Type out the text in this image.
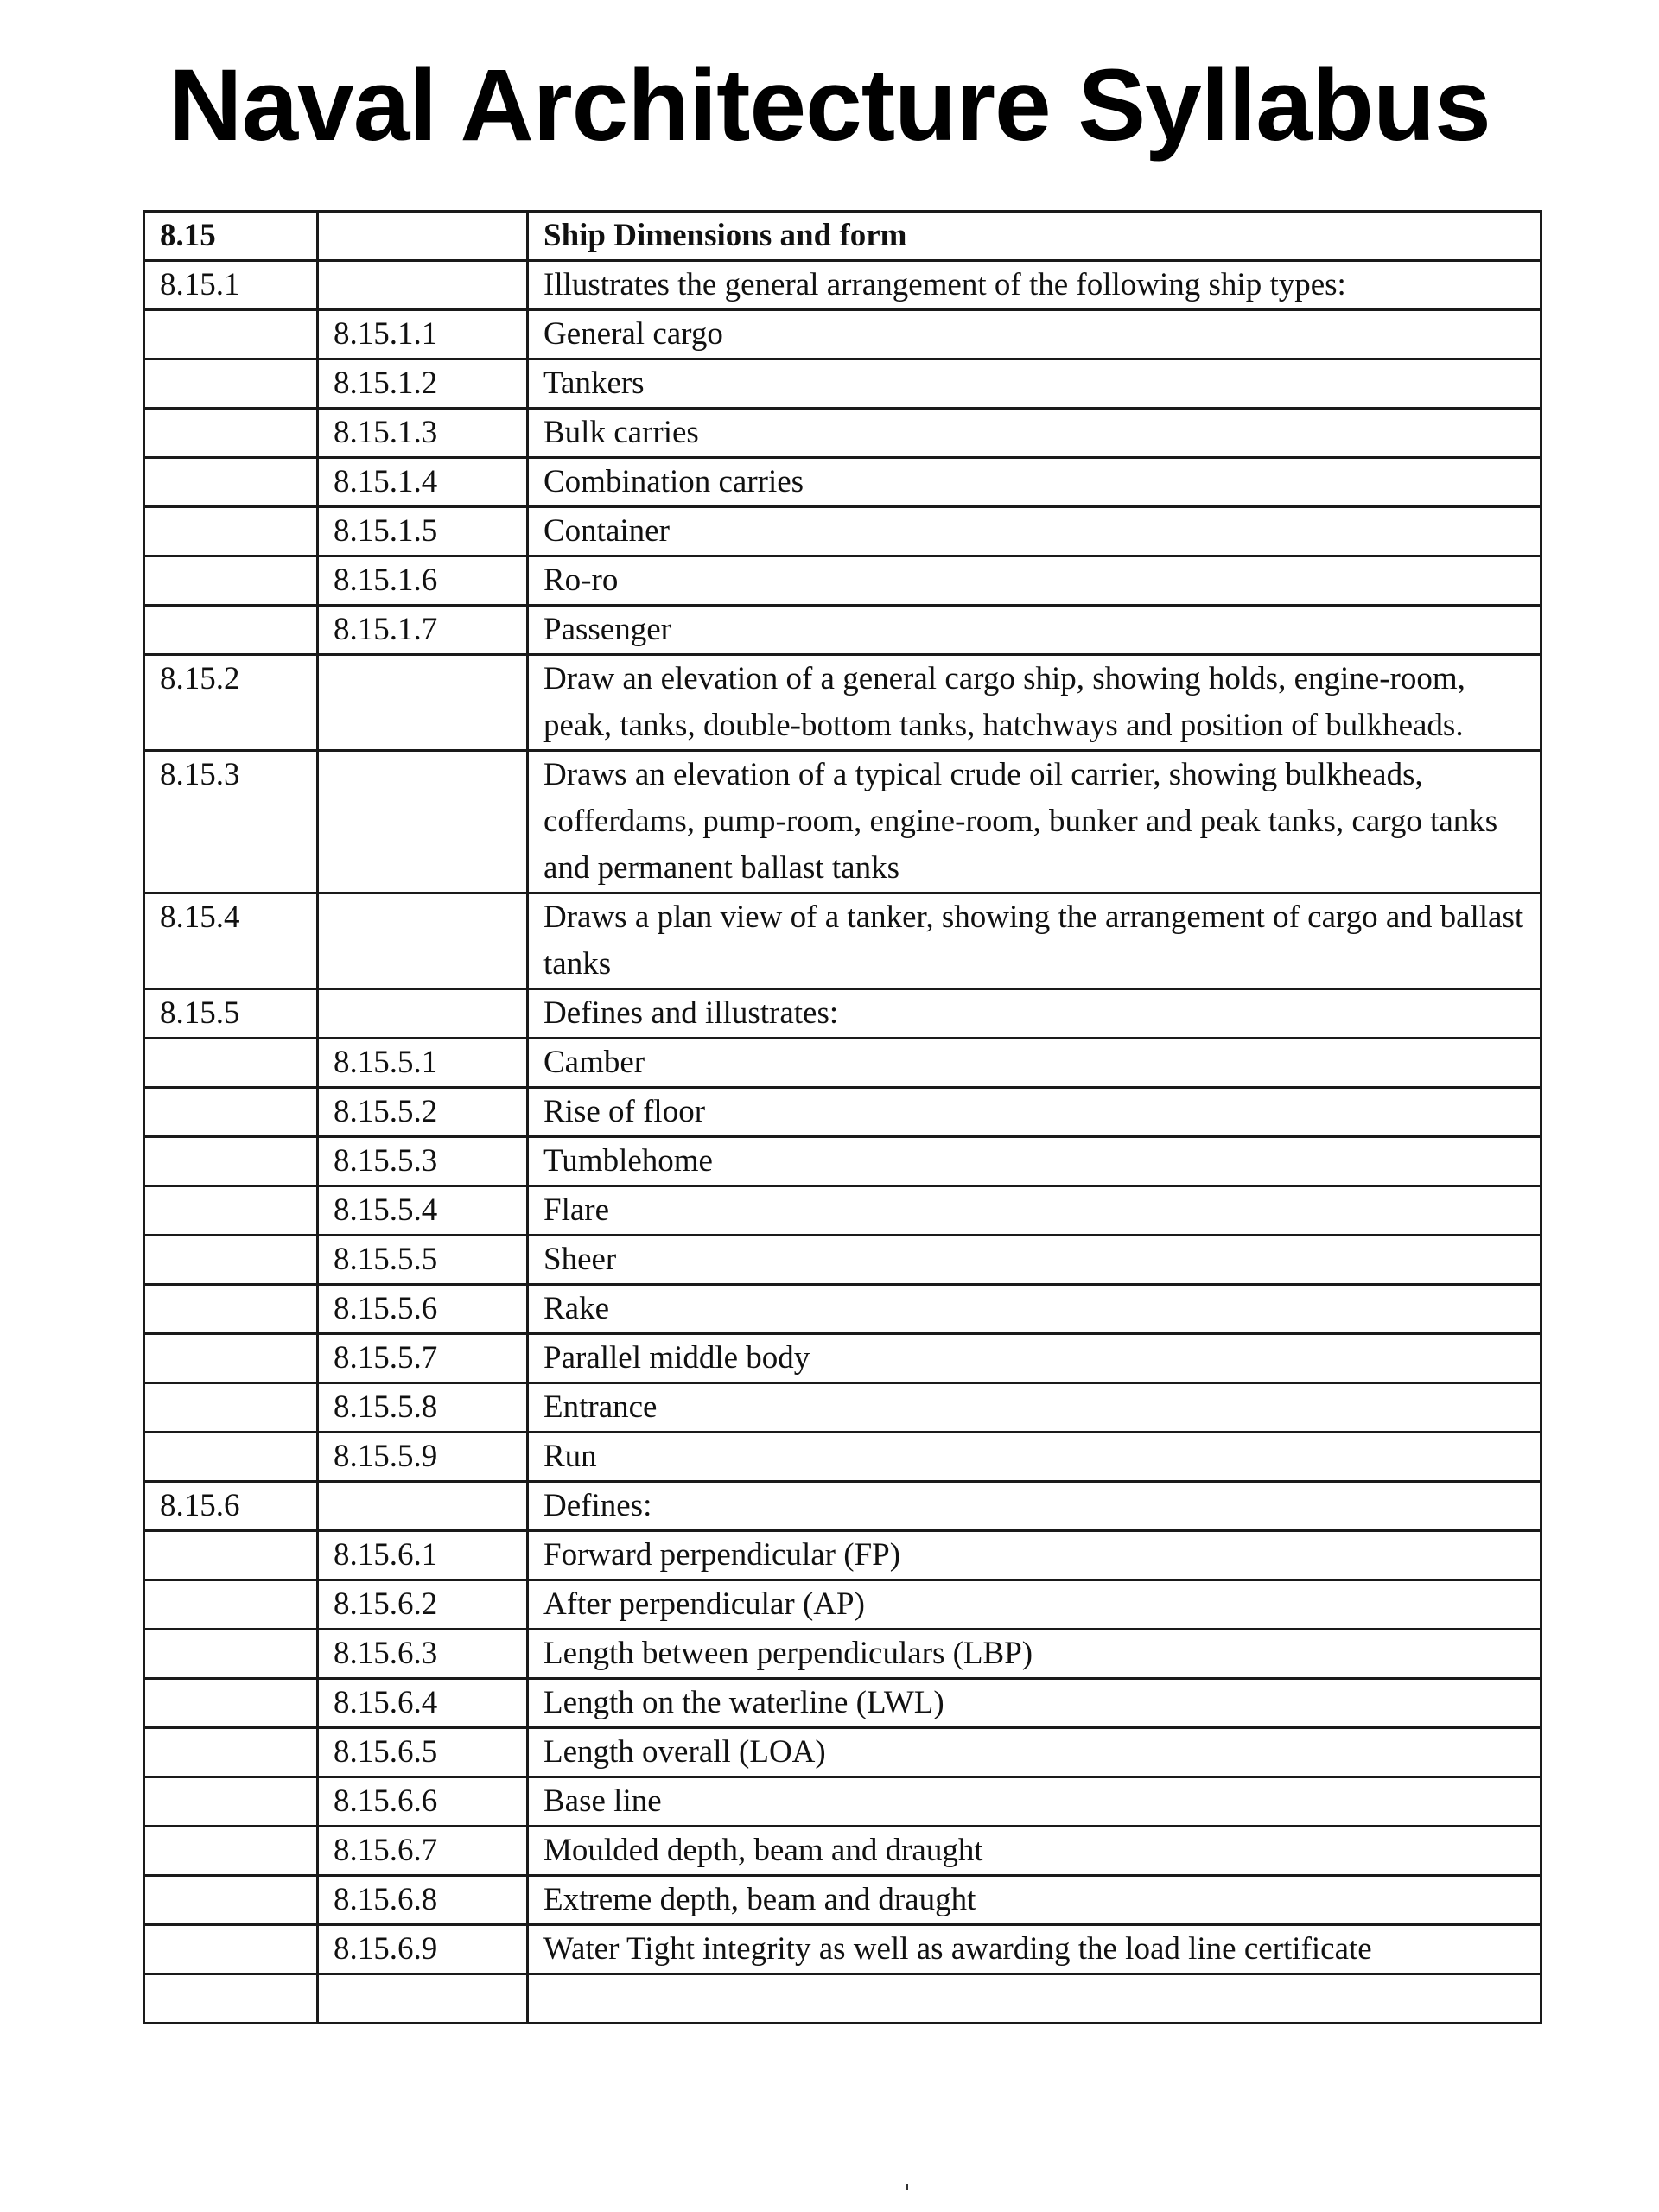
Naval Architecture Syllabus
8.15		Ship Dimensions and form
8.15.1		Illustrates the general arrangement of the following ship types:
	8.15.1.1	General cargo
	8.15.1.2	Tankers
	8.15.1.3	Bulk carries
	8.15.1.4	Combination carries
	8.15.1.5	Container
	8.15.1.6	Ro-ro
	8.15.1.7	Passenger
8.15.2		Draw an elevation of a general cargo ship, showing holds, engine-room, peak, tanks, double-bottom tanks, hatchways and position of bulkheads.
8.15.3		Draws an elevation of a typical crude oil carrier, showing bulkheads, cofferdams, pump-room, engine-room, bunker and peak tanks, cargo tanks and permanent ballast tanks
8.15.4		Draws a plan view of a tanker, showing the arrangement of cargo and ballast tanks
8.15.5		Defines and illustrates:
	8.15.5.1	Camber
	8.15.5.2	Rise of floor
	8.15.5.3	Tumblehome
	8.15.5.4	Flare
	8.15.5.5	Sheer
	8.15.5.6	Rake
	8.15.5.7	Parallel middle body
	8.15.5.8	Entrance
	8.15.5.9	Run
8.15.6		Defines:
	8.15.6.1	Forward perpendicular (FP)
	8.15.6.2	After perpendicular (AP)
	8.15.6.3	Length between perpendiculars (LBP)
	8.15.6.4	Length on the waterline (LWL)
	8.15.6.5	Length overall (LOA)
	8.15.6.6	Base line
	8.15.6.7	Moulded depth, beam and draught
	8.15.6.8	Extreme depth, beam and draught
	8.15.6.9	Water Tight integrity as well as awarding the load line certificate
